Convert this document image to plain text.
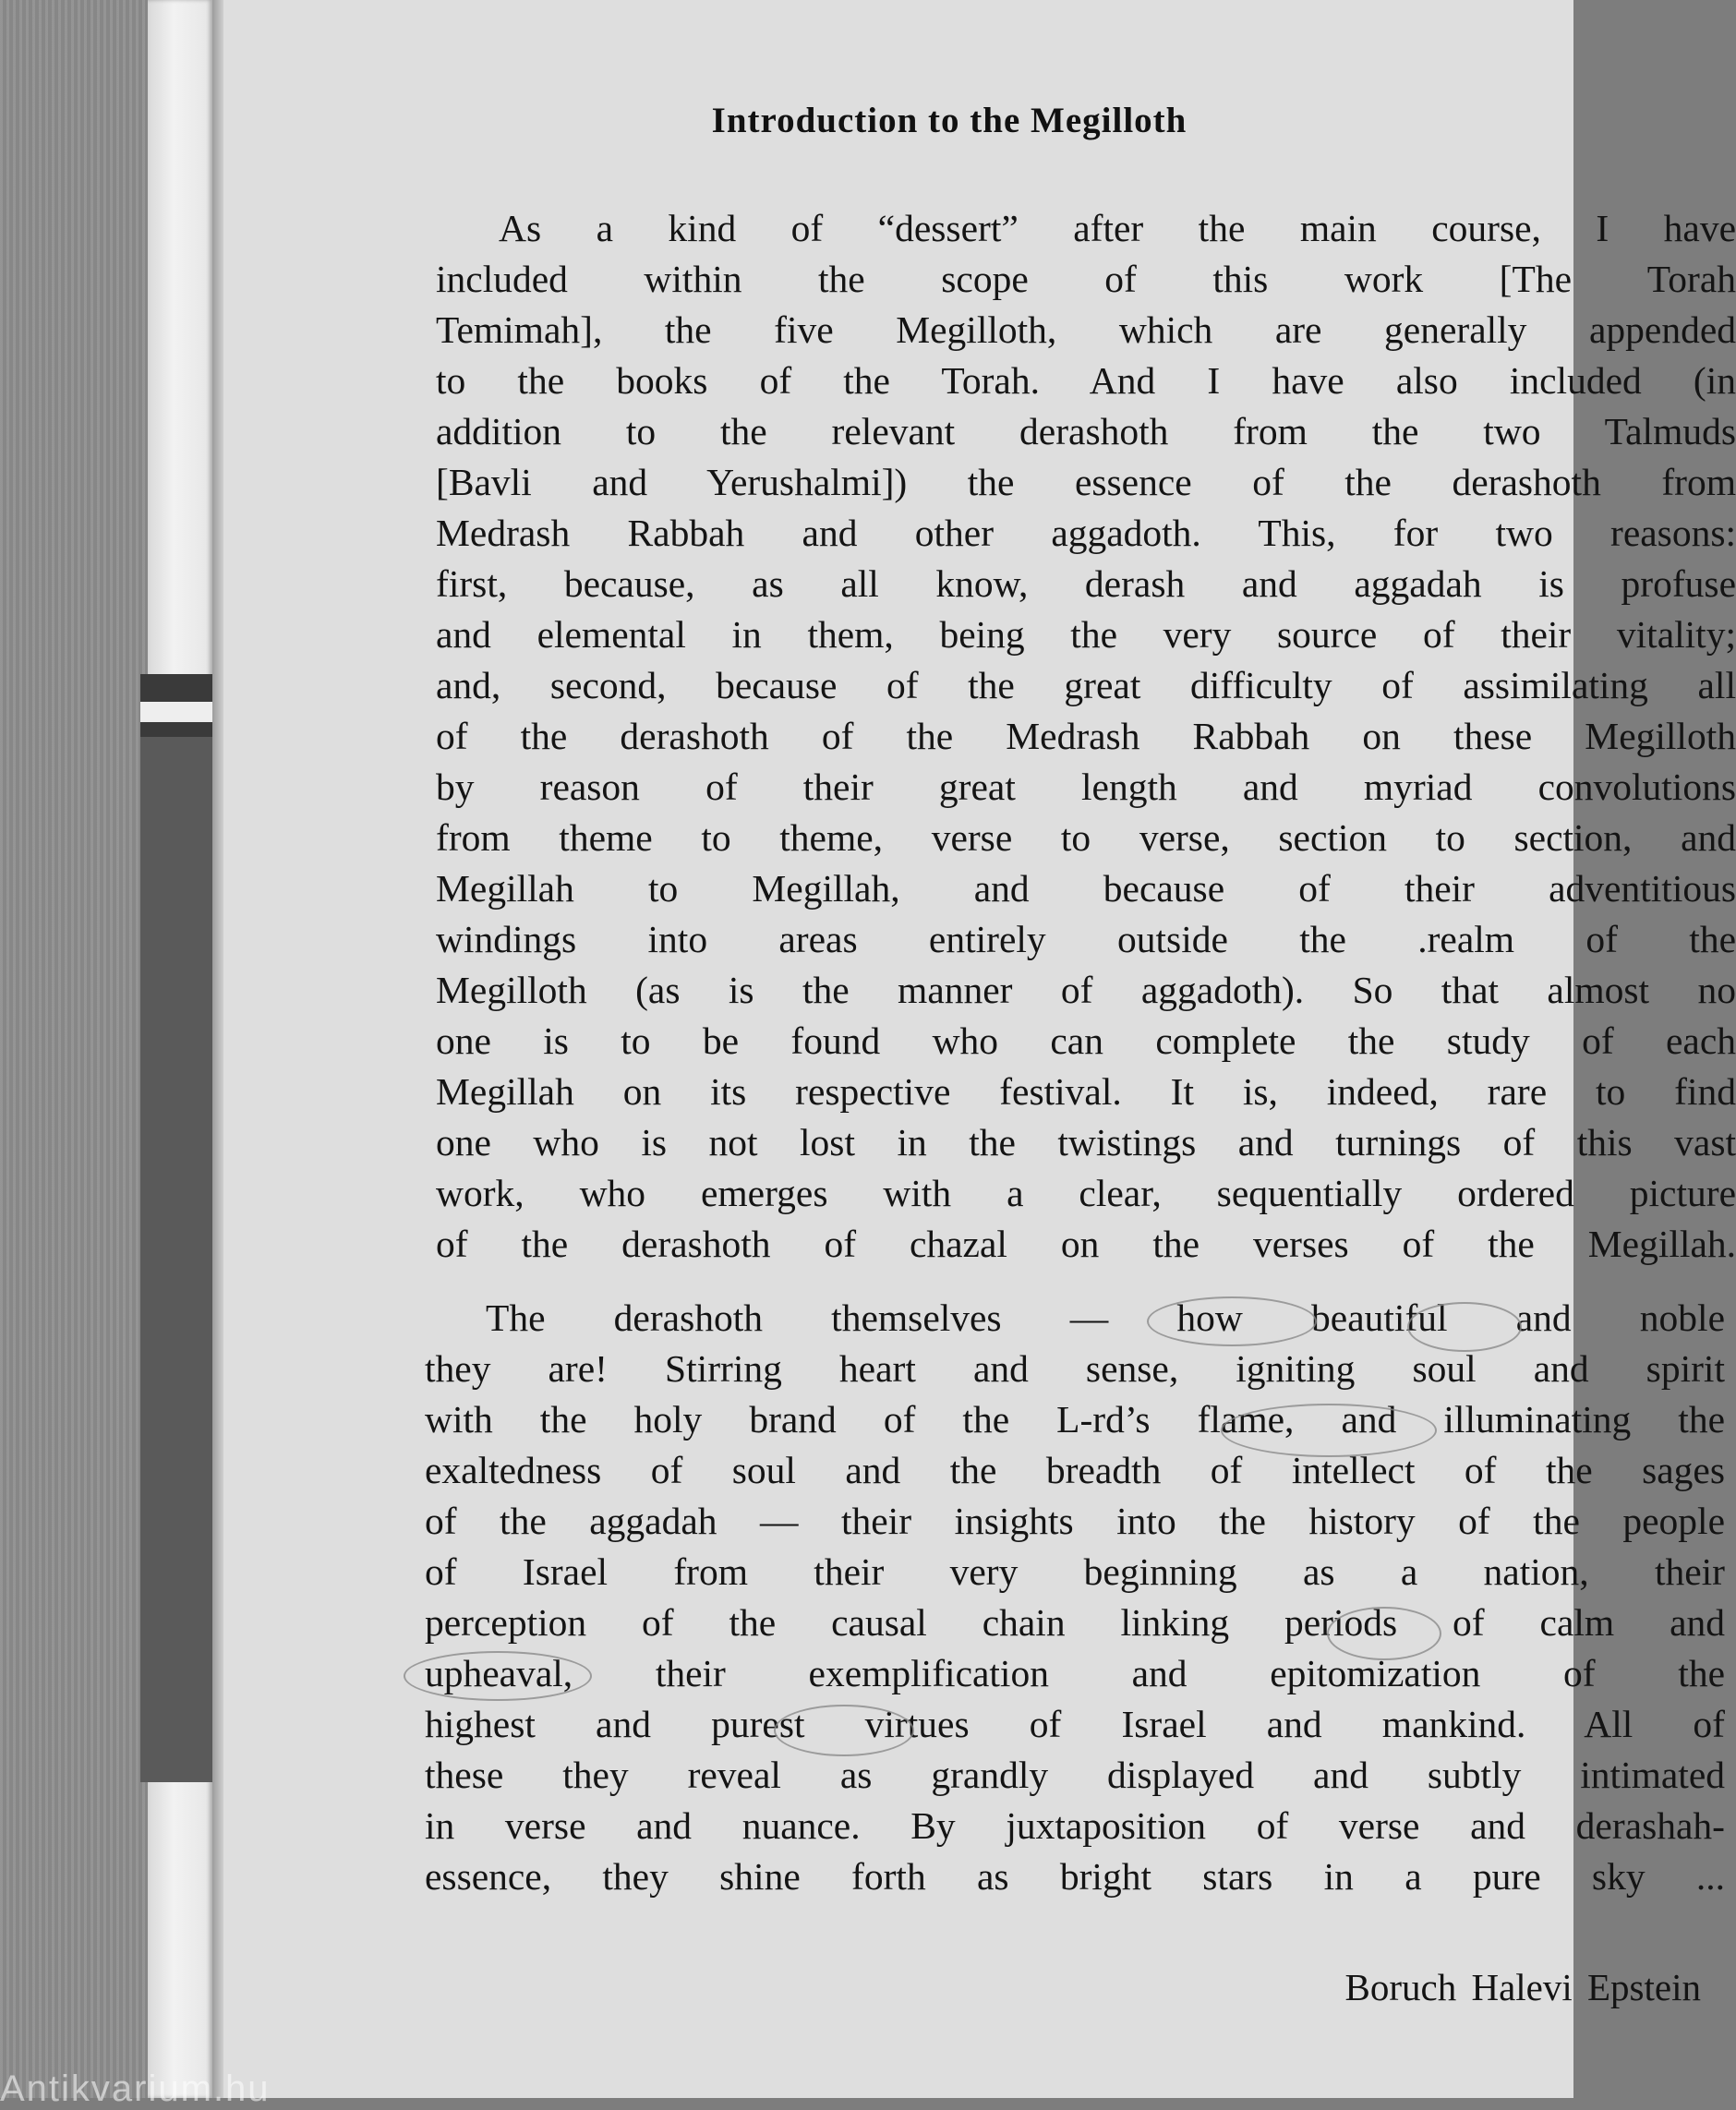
Introduction to the Megilloth
As a kind of “dessert” after the main course, I have
included within the scope of this work [The Torah
Temimah], the five Megilloth, which are generally appended
to the books of the Torah. And I have also included (in
addition to the relevant derashoth from the two Talmuds
[Bavli and Yerushalmi]) the essence of the derashoth from
Medrash Rabbah and other aggadoth. This, for two reasons:
first, because, as all know, derash and aggadah is profuse
and elemental in them, being the very source of their vitality;
and, second, because of the great difficulty of assimilating all
of the derashoth of the Medrash Rabbah on these Megilloth
by reason of their great length and myriad convolutions
from theme to theme, verse to verse, section to section, and
Megillah to Megillah, and because of their adventitious
windings into areas entirely outside the .realm of the
Megilloth (as is the manner of aggadoth). So that almost no
one is to be found who can complete the study of each
Megillah on its respective festival. It is, indeed, rare to find
one who is not lost in the twistings and turnings of this vast
work, who emerges with a clear, sequentially ordered picture
of the derashoth of chazal on the verses of the Megillah.
The derashoth themselves — how beautiful and noble
they are! Stirring heart and sense, igniting soul and spirit
with the holy brand of the L-rd’s flame, and illuminating the
exaltedness of soul and the breadth of intellect of the sages
of the aggadah — their insights into the history of the people
of Israel from their very beginning as a nation, their
perception of the causal chain linking periods of calm and
upheaval, their exemplification and epitomization of the
highest and purest virtues of Israel and mankind. All of
these they reveal as grandly displayed and subtly intimated
in verse and nuance. By juxtaposition of verse and derashah-
essence, they shine forth as bright stars in a pure sky ...
Boruch Halevi Epstein
Antikvarium.hu
